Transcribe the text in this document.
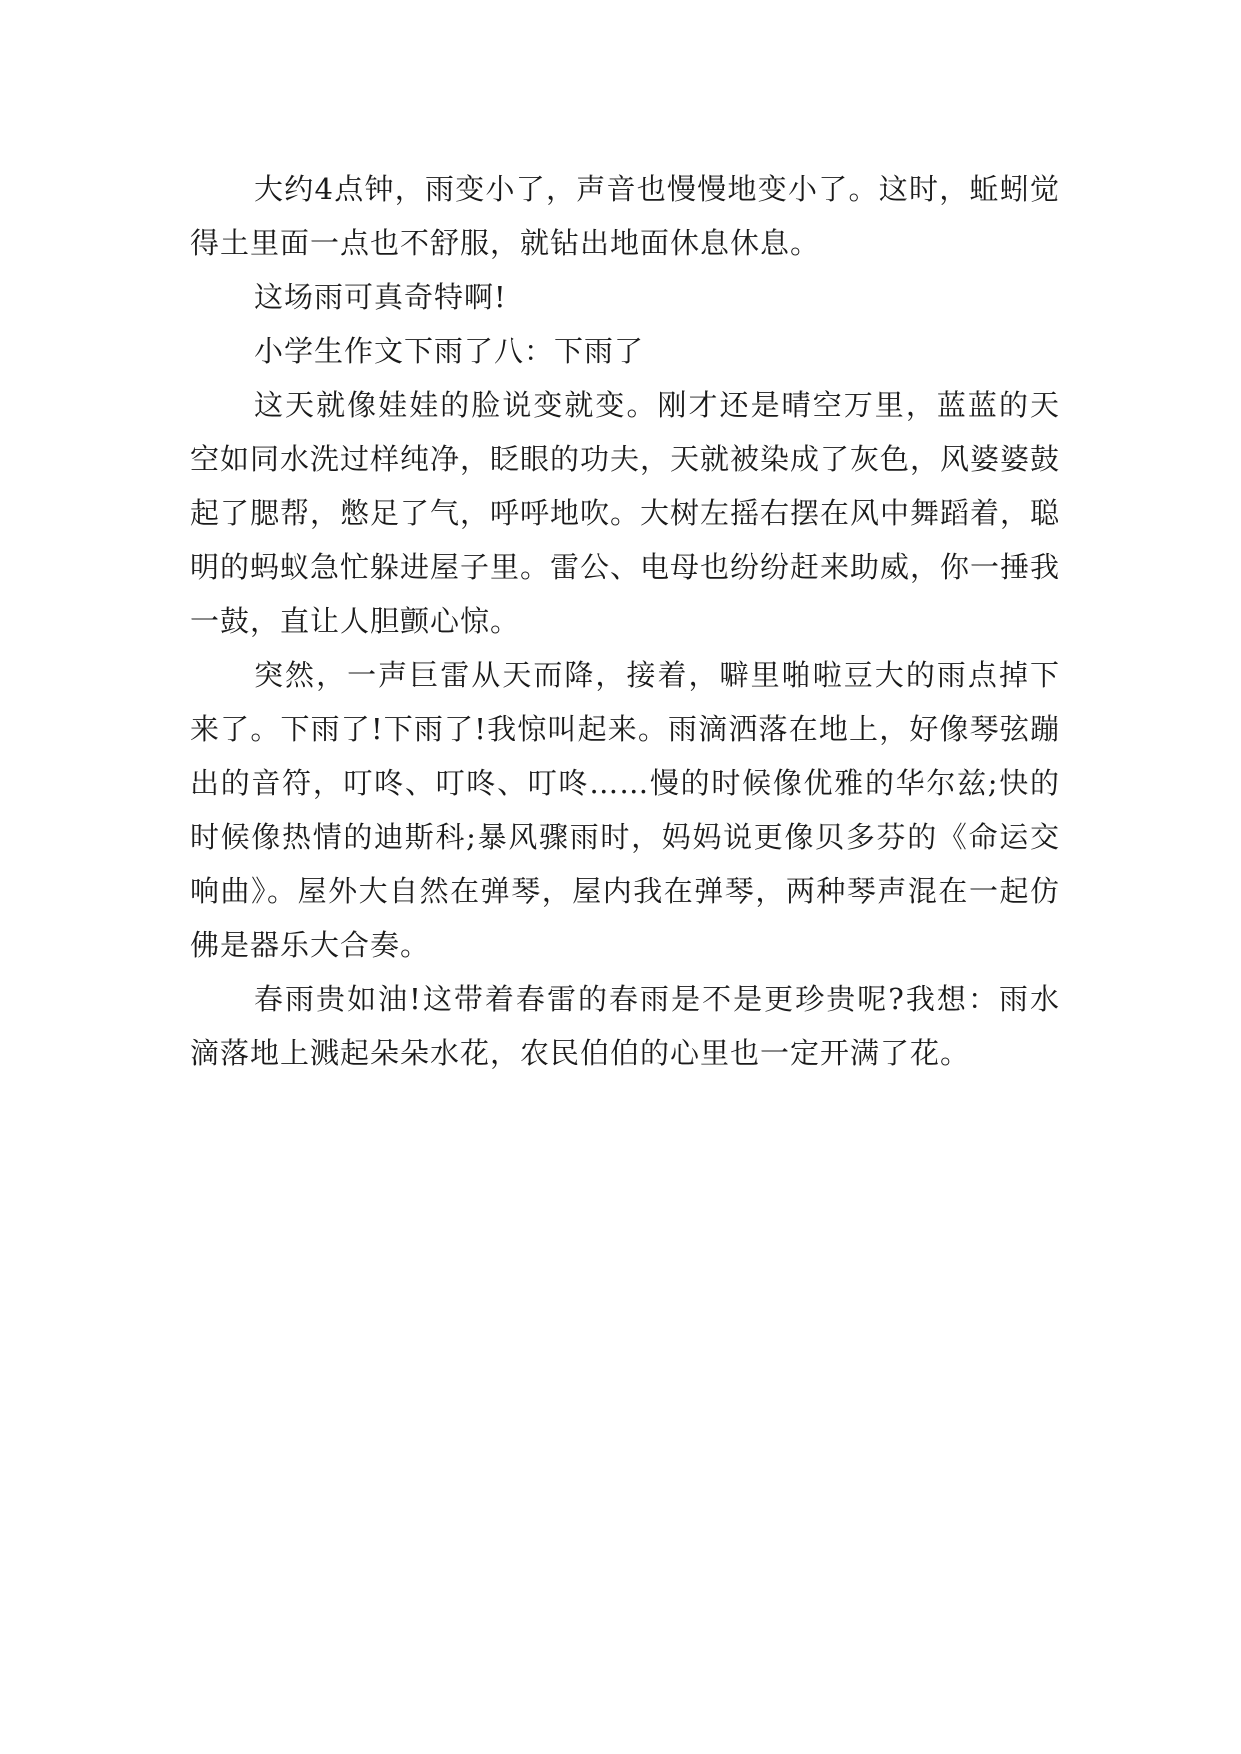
大约4点钟，雨变小了，声音也慢慢地变小了。这时，蚯蚓觉得土里面一点也不舒服，就钻出地面休息休息。

这场雨可真奇特啊!

小学生作文下雨了八：下雨了

这天就像娃娃的脸说变就变。刚才还是晴空万里，蓝蓝的天空如同水洗过样纯净，眨眼的功夫，天就被染成了灰色，风婆婆鼓起了腮帮，憋足了气，呼呼地吹。大树左摇右摆在风中舞蹈着，聪明的蚂蚁急忙躲进屋子里。雷公、电母也纷纷赶来助威，你一捶我一鼓，直让人胆颤心惊。

突然，一声巨雷从天而降，接着，噼里啪啦豆大的雨点掉下来了。下雨了!下雨了!我惊叫起来。雨滴洒落在地上，好像琴弦蹦出的音符，叮咚、叮咚、叮咚……慢的时候像优雅的华尔兹;快的时候像热情的迪斯科;暴风骤雨时，妈妈说更像贝多芬的《命运交响曲》。屋外大自然在弹琴，屋内我在弹琴，两种琴声混在一起仿佛是器乐大合奏。

春雨贵如油!这带着春雷的春雨是不是更珍贵呢?我想：雨水滴落地上溅起朵朵水花，农民伯伯的心里也一定开满了花。
